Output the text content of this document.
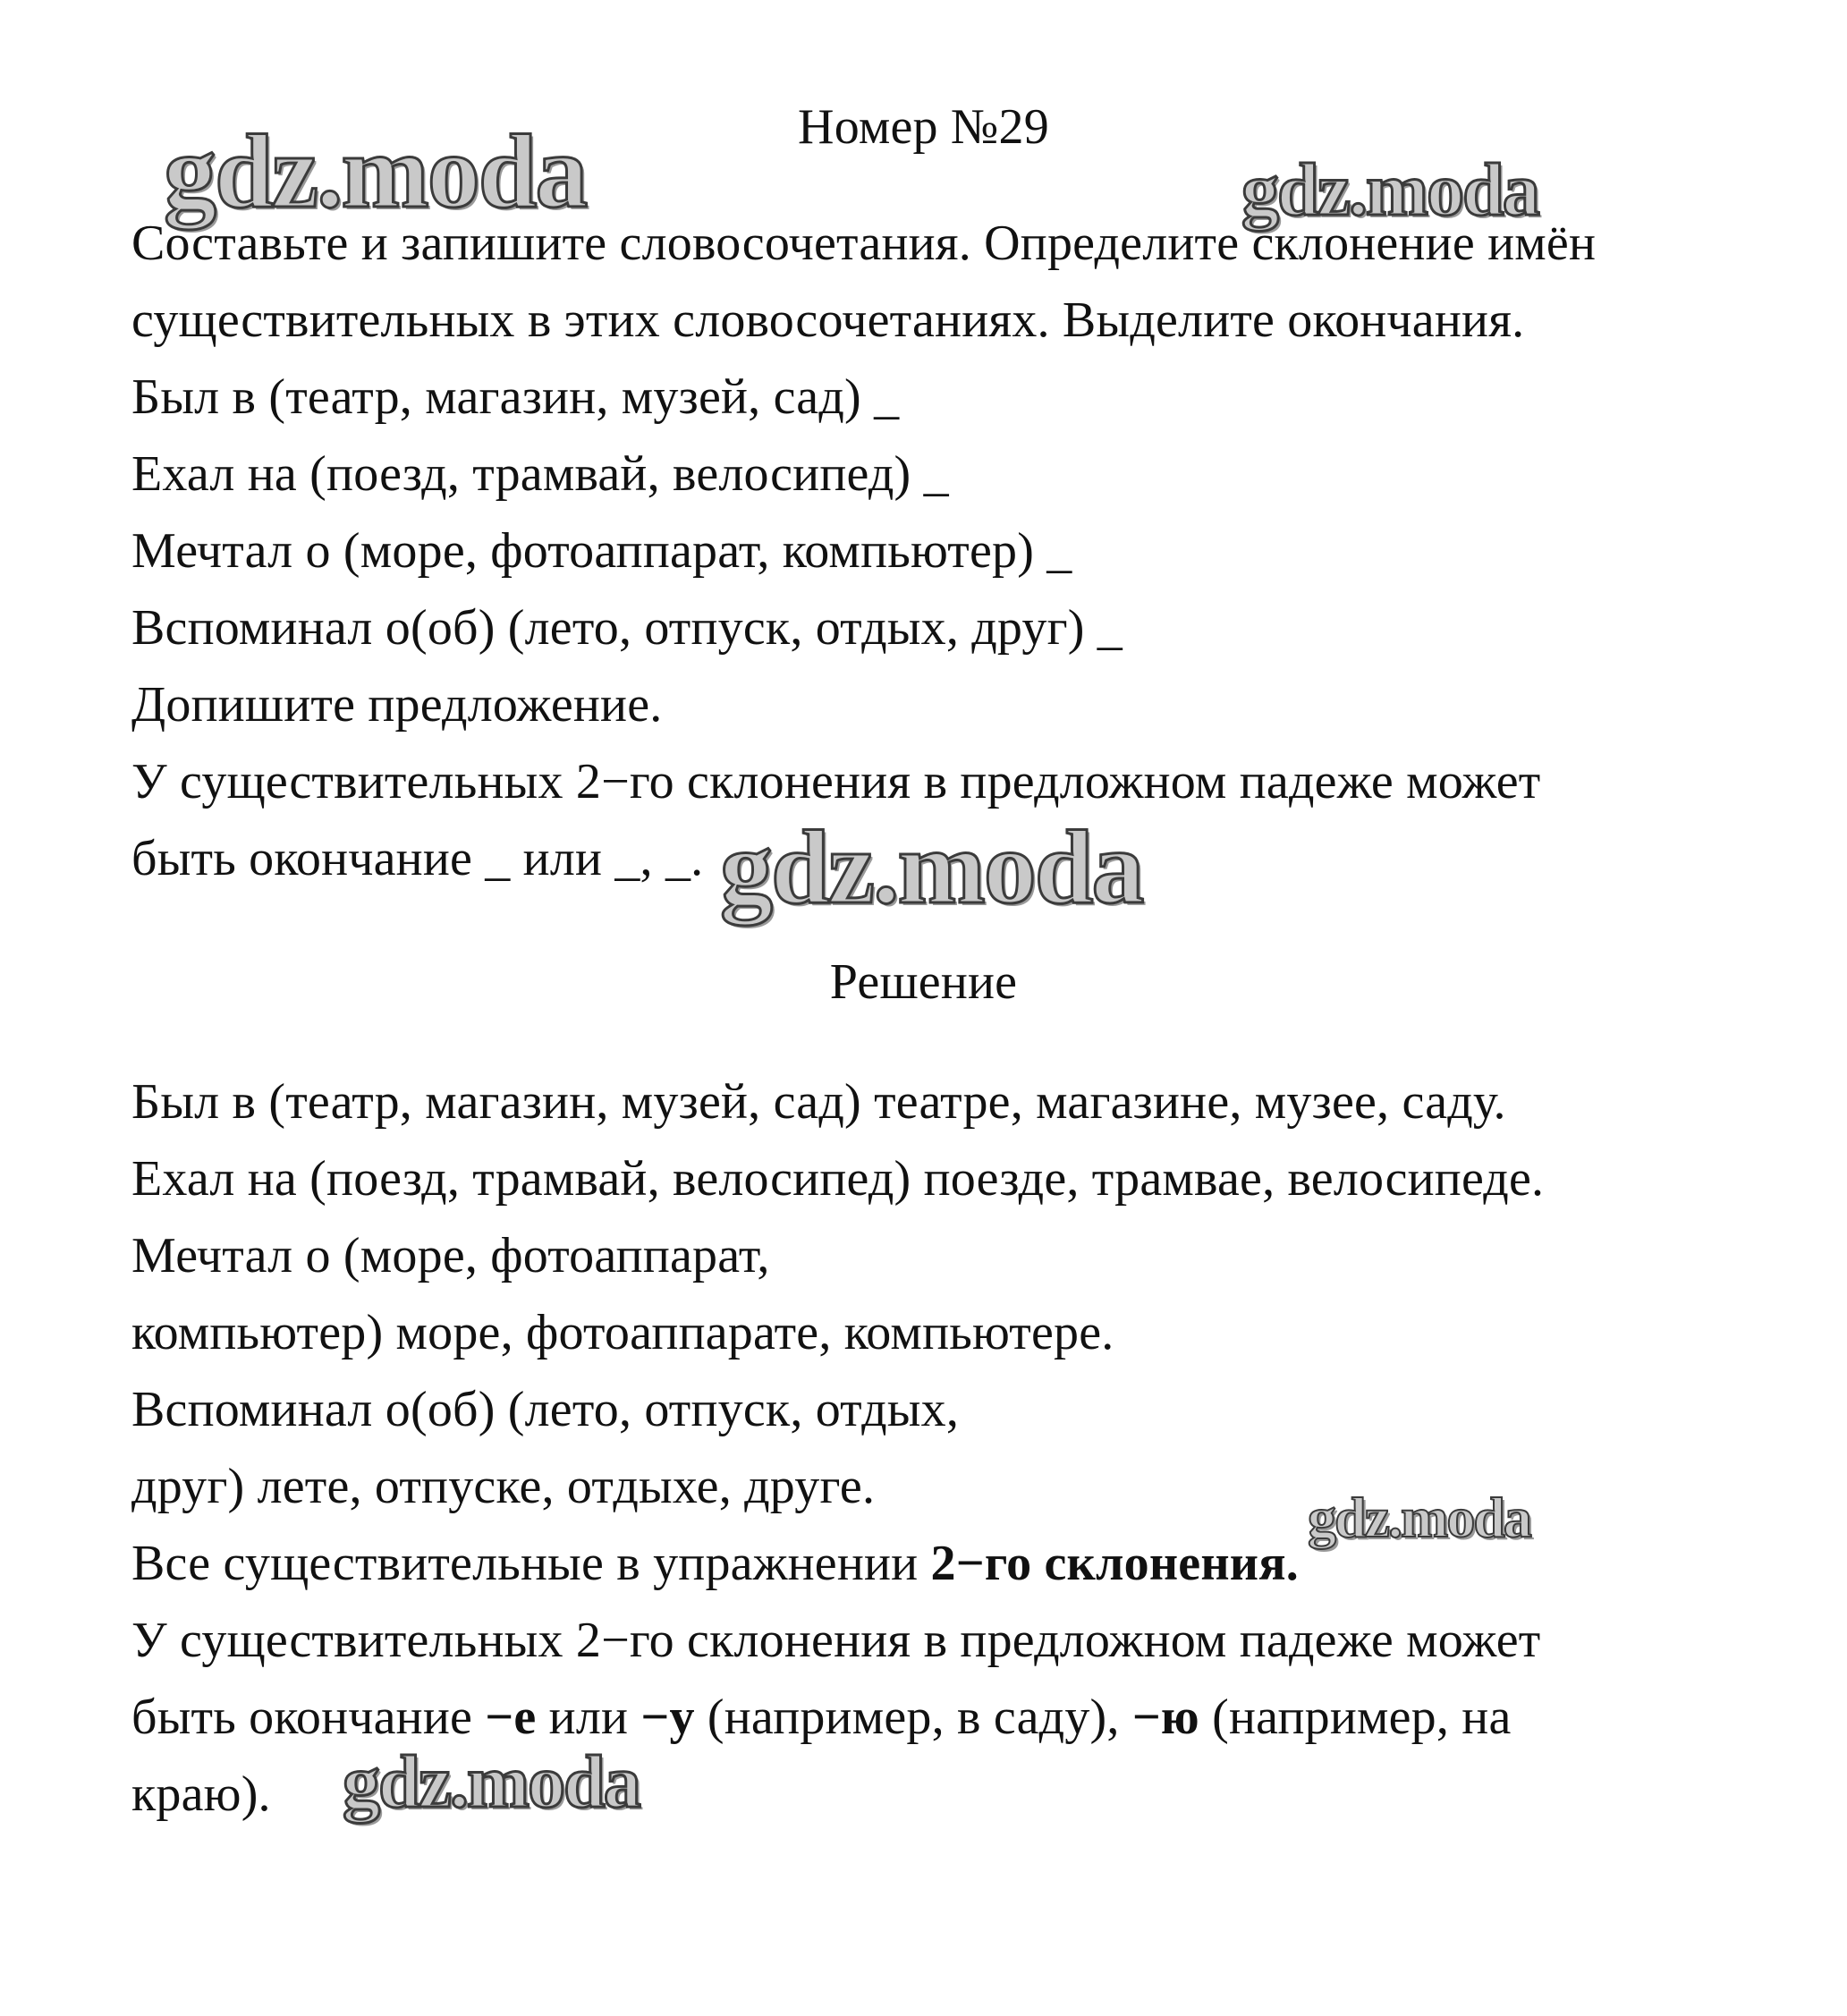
Номер №29
Составьте и запишите словосочетания. Определите склонение имён
существительных в этих словосочетаниях. Выделите окончания.
Был в (театр, магазин, музей, сад) _
Ехал на (поезд, трамвай, велосипед) _
Мечтал о (море, фотоаппарат, компьютер) _
Вспоминал о(об) (лето, отпуск, отдых, друг) _
Допишите предложение.
У существительных 2−го склонения в предложном падеже может
быть окончание _ или _, _.
Решение
Был в (театр, магазин, музей, сад) театре, магазине, музее, саду.
Ехал на (поезд, трамвай, велосипед) поезде, трамвае, велосипеде.
Мечтал о (море, фотоаппарат,
компьютер) море, фотоаппарате, компьютере.
Вспоминал о(об) (лето, отпуск, отдых,
друг) лете, отпуске, отдыхе, друге.
Все существительные в упражнении 2−го склонения.
У существительных 2−го склонения в предложном падеже может
быть окончание −е или −у (например, в саду), −ю (например, на
краю).
gdz.moda	gdz.moda
gdz.moda
gdz.moda
gdz.moda
